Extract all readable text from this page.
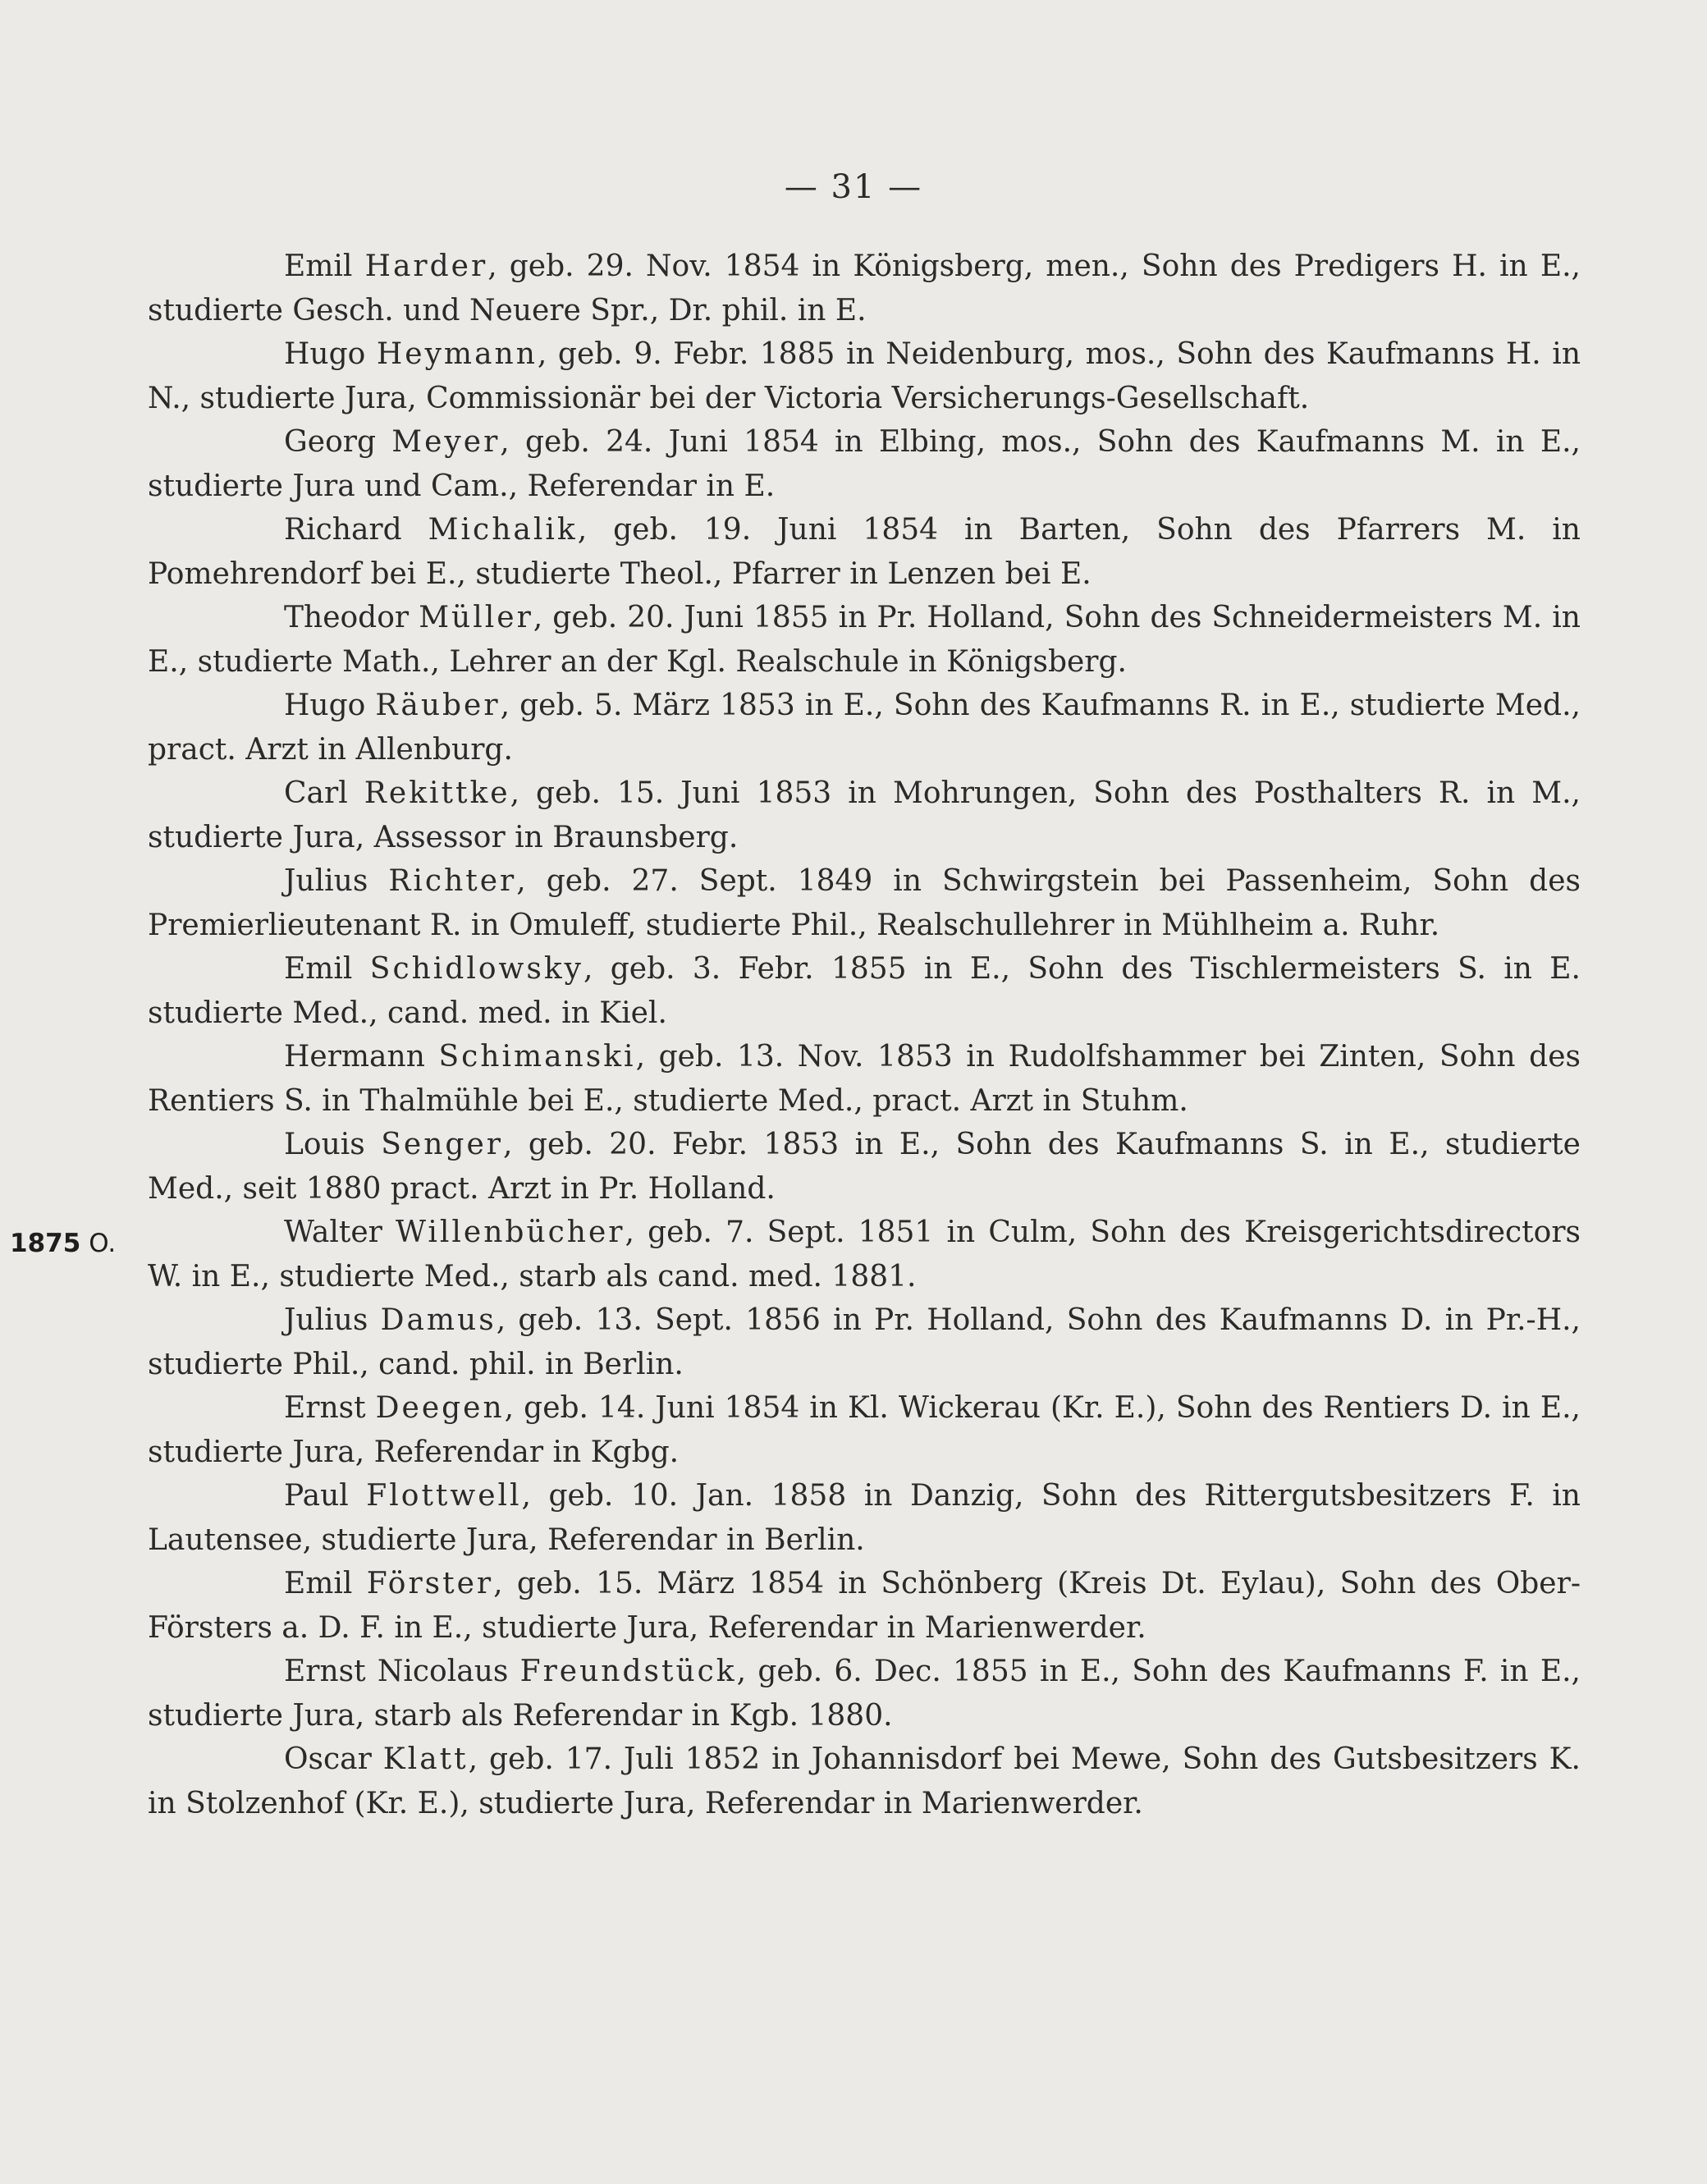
— 31 —
1875 O.

Emil Harder, geb. 29. Nov. 1854 in Königsberg, men., Sohn des Predigers H. in E., studierte Gesch. und Neuere Spr., Dr. phil. in E.

Hugo Heymann, geb. 9. Febr. 1885 in Neidenburg, mos., Sohn des Kaufmanns H. in N., studierte Jura, Commissionär bei der Victoria Versicherungs-Gesellschaft.

Georg Meyer, geb. 24. Juni 1854 in Elbing, mos., Sohn des Kaufmanns M. in E., studierte Jura und Cam., Referendar in E.

Richard Michalik, geb. 19. Juni 1854 in Barten, Sohn des Pfarrers M. in Pomehrendorf bei E., studierte Theol., Pfarrer in Lenzen bei E.

Theodor Müller, geb. 20. Juni 1855 in Pr. Holland, Sohn des Schneidermeisters M. in E., studierte Math., Lehrer an der Kgl. Realschule in Königsberg.

Hugo Räuber, geb. 5. März 1853 in E., Sohn des Kaufmanns R. in E., studierte Med., pract. Arzt in Allenburg.

Carl Rekittke, geb. 15. Juni 1853 in Mohrungen, Sohn des Posthalters R. in M., studierte Jura, Assessor in Braunsberg.

Julius Richter, geb. 27. Sept. 1849 in Schwirgstein bei Passenheim, Sohn des Premierlieutenant R. in Omuleff, studierte Phil., Realschullehrer in Mühlheim a. Ruhr.

Emil Schidlowsky, geb. 3. Febr. 1855 in E., Sohn des Tischlermeisters S. in E. studierte Med., cand. med. in Kiel.

Hermann Schimanski, geb. 13. Nov. 1853 in Rudolfshammer bei Zinten, Sohn des Rentiers S. in Thalmühle bei E., studierte Med., pract. Arzt in Stuhm.

Louis Senger, geb. 20. Febr. 1853 in E., Sohn des Kaufmanns S. in E., studierte Med., seit 1880 pract. Arzt in Pr. Holland.

Walter Willenbücher, geb. 7. Sept. 1851 in Culm, Sohn des Kreisgerichtsdirectors W. in E., studierte Med., starb als cand. med. 1881.

Julius Damus, geb. 13. Sept. 1856 in Pr. Holland, Sohn des Kaufmanns D. in Pr.-H., studierte Phil., cand. phil. in Berlin.

Ernst Deegen, geb. 14. Juni 1854 in Kl. Wickerau (Kr. E.), Sohn des Rentiers D. in E., studierte Jura, Referendar in Kgbg.

Paul Flottwell, geb. 10. Jan. 1858 in Danzig, Sohn des Rittergutsbesitzers F. in Lautensee, studierte Jura, Referendar in Berlin.

Emil Förster, geb. 15. März 1854 in Schönberg (Kreis Dt. Eylau), Sohn des Ober-Försters a. D. F. in E., studierte Jura, Referendar in Marienwerder.

Ernst Nicolaus Freundstück, geb. 6. Dec. 1855 in E., Sohn des Kaufmanns F. in E., studierte Jura, starb als Referendar in Kgb. 1880.

Oscar Klatt, geb. 17. Juli 1852 in Johannisdorf bei Mewe, Sohn des Gutsbesitzers K. in Stolzenhof (Kr. E.), studierte Jura, Referendar in Marienwerder.
